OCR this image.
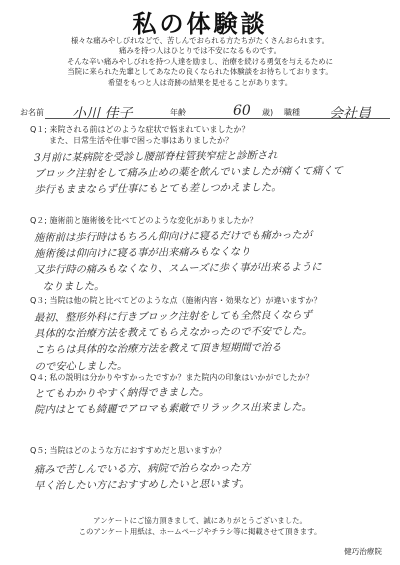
私の体験談
様々な痛みやしびれなどで、苦しんでおられる方たちがたくさんおられます。
痛みを持つ人はひとりでは不安になるものです。
そんな辛い痛みやしびれを持つ人達を励まし、治療を続ける勇気を与えるために
当院に来られた先輩としてあなたの良くなられた体験談をお待ちしております。
希望をもつと人は奇跡の結果を見せることがあります。
お名前 小川 佳子	年齢	60 歳) 職種 会社員
Q１; 来院される前はどのような症状で悩まれていましたか？
また、日常生活や仕事で困った事はありましたか？
3月前に某病院を受診し腰部脊柱管狭窄症と診断され
ブロック注射をして痛み止めの薬を飲んでいましたが痛くて痛くて
歩行もままならず仕事にもとても差しつかえました。
Q２; 施術前と施術後を比べてどのような変化がありましたか？
施術前は歩行時はもちろん仰向けに寝るだけでも痛かったが
施術後は仰向けに寝る事が出来痛みもなくなり
又歩行時の痛みもなくなり、スムーズに歩く事が出来るように
なりました。
Q３; 当院は他の院と比べてどのような点（施術内容・効果など）が違いますか？
最初、整形外科に行きブロック注射をしても全然良くならず
具体的な治療方法を教えてもらえなかったので不安でした。
こちらは具体的な治療方法を教えて頂き短期間で治る
ので安心しました。
Q４; 私の説明は分かりやすかったですか？また院内の印象はいかがでしたか？
とてもわかりやすく納得できました。
院内はとても綺麗でアロマも素敵でリラックス出来ました。
Q５; 当院はどのような方におすすめだと思いますか？
痛みで苦しんでいる方、病院で治らなかった方
早く治したい方におすすめしたいと思います。
アンケートにご協力頂きまして、誠にありがとうございました。
このアンケート用紙は、ホームページやチラシ等に掲載させて頂きます。
健巧治療院
